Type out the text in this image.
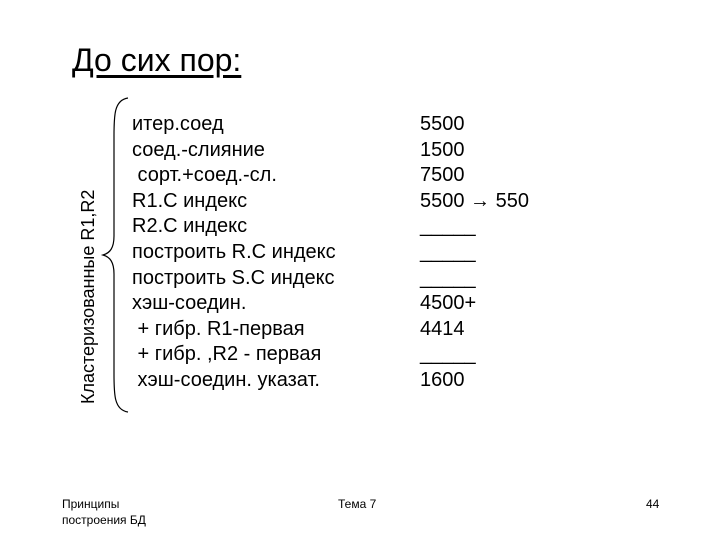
До сих пор:
Кластеризованные R1,R2
итер.соед
соед.-слияние
сорт.+соед.-сл.
R1.C индекс
R2.C индекс
построить R.C индекс
построить S.C индекс
хэш-соедин.
+ гибр. R1-первая
+ гибр. ,R2 - первая
хэш-соедин. указат.
5500
1500
7500
5500 → 550
_____
_____
_____
4500+
4414
_____
1600
Принципы
построения БД
Тема 7	44
